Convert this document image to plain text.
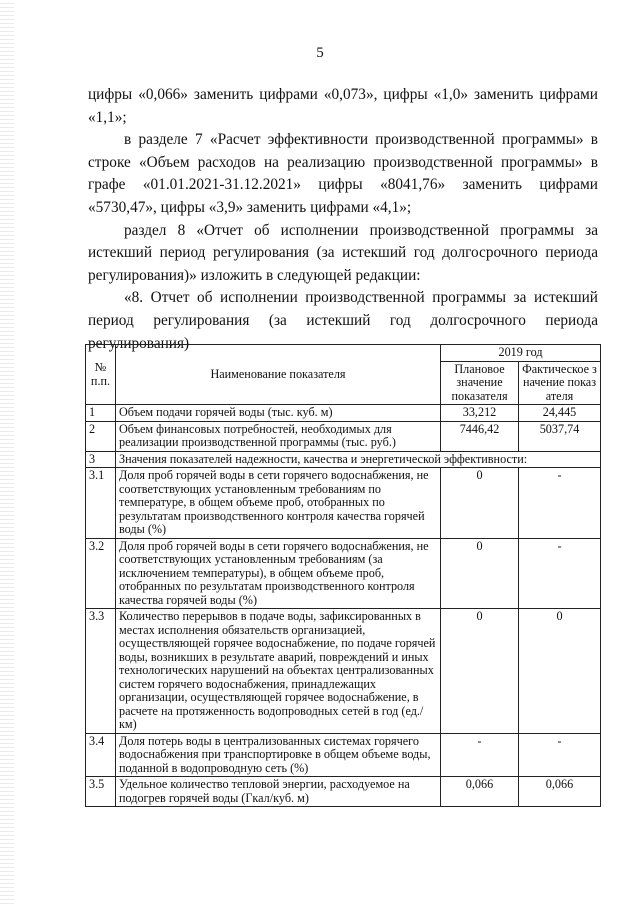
5

цифры «0,066» заменить цифрами «0,073», цифры «1,0» заменить цифрами «1,1»;

в разделе 7 «Расчет эффективности производственной программы» в строке «Объем расходов на реализацию производственной программы» в графе «01.01.2021-31.12.2021» цифры «8041,76» заменить цифрами «5730,47», цифры «3,9» заменить цифрами «4,1»;

раздел 8 «Отчет об исполнении производственной программы за истекший период регулирования (за истекший год долгосрочного периода регулирования)» изложить в следующей редакции:

«8. Отчет об исполнении производственной программы за истекший период регулирования (за истекший год долгосрочного периода регулирования)

№ п.п.	Наименование показателя	2019 год	
		Плановое значение показателя	Фактическое значение показателя
1	Объем подачи горячей воды (тыс. куб. м)	33,212	24,445
2	Объем финансовых потребностей, необходимых для реализации производственной программы (тыс. руб.)	7446,42	5037,74
3	Значения показателей надежности, качества и энергетической эффективности:		
3.1	Доля проб горячей воды в сети горячего водоснабжения, не соответствующих установленным требованиям по температуре, в общем объеме проб, отобранных по результатам производственного контроля качества горячей воды (%)	0	-
3.2	Доля проб горячей воды в сети горячего водоснабжения, не соответствующих установленным требованиям (за исключением температуры), в общем объеме проб, отобранных по результатам производственного контроля качества горячей воды (%)	0	-
3.3	Количество перерывов в подаче воды, зафиксированных в местах исполнения обязательств организацией, осуществляющей горячее водоснабжение, по подаче горячей воды, возникших в результате аварий, повреждений и иных технологических нарушений на объектах централизованных систем горячего водоснабжения, принадлежащих организации, осуществляющей горячее водоснабжение, в расчете на протяженность водопроводных сетей в год (ед./км)	0	0
3.4	Доля потерь воды в централизованных системах горячего водоснабжения при транспортировке в общем объеме воды, поданной в водопроводную сеть (%)	-	-
3.5	Удельное количество тепловой энергии, расходуемое на подогрев горячей воды (Гкал/куб. м)	0,066	0,066
